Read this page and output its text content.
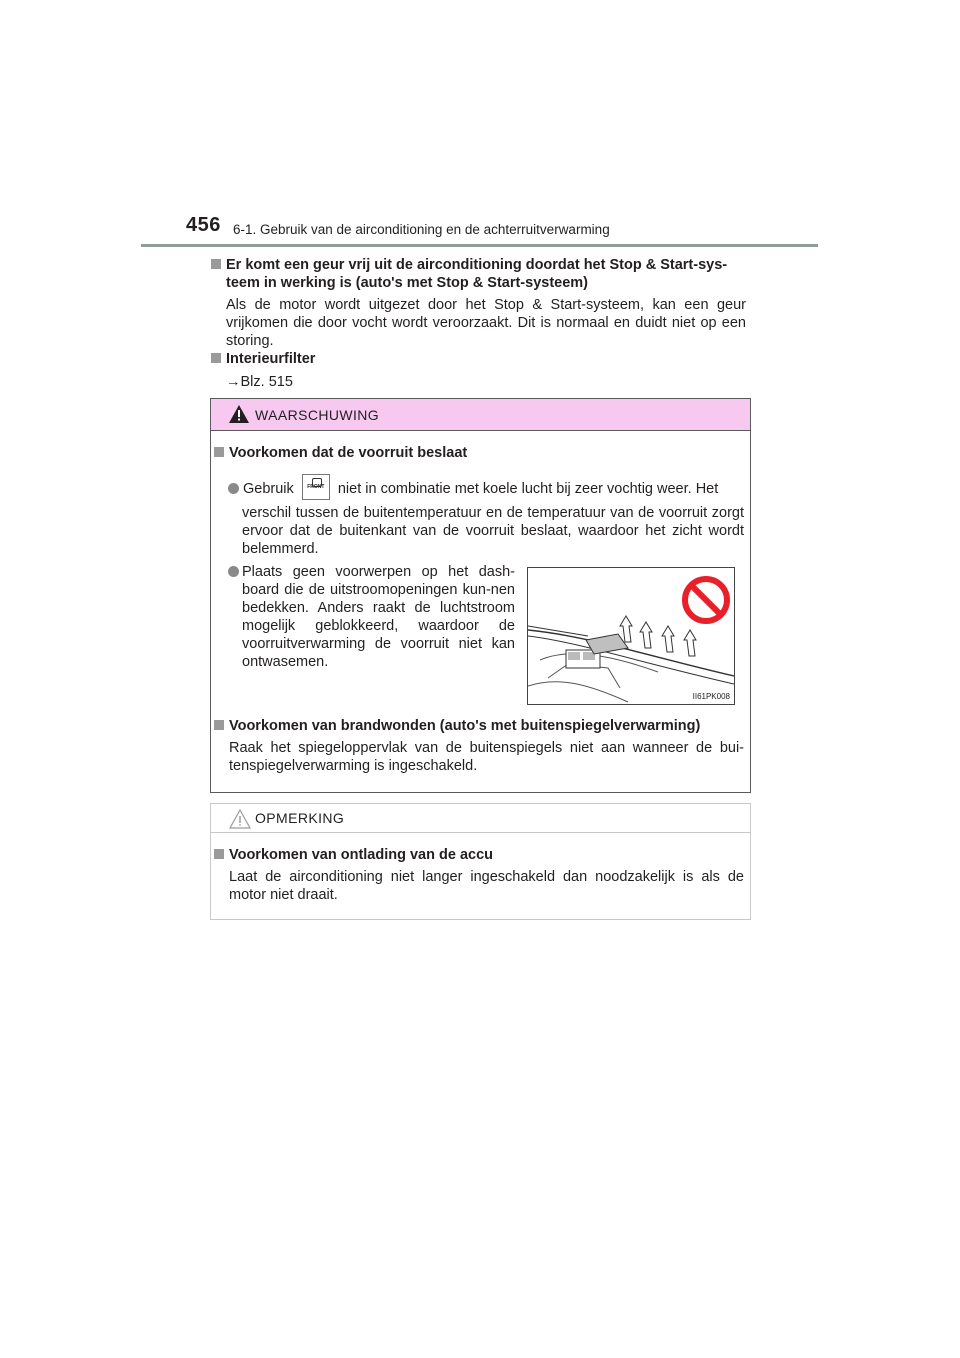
456 6-1. Gebruik van de airconditioning en de achterruitverwarming
Er komt een geur vrij uit de airconditioning doordat het Stop & Start-sys-
teem in werking is (auto's met Stop & Start-systeem)
Als de motor wordt uitgezet door het Stop & Start-systeem, kan een geur vrijkomen die door vocht wordt veroorzaakt. Dit is normaal en duidt niet op een storing.
Interieurfilter
→Blz. 515
WAARSCHUWING
Voorkomen dat de voorruit beslaat
Gebruik	FRONT niet in combinatie met koele lucht bij zeer vochtig weer. Het
verschil tussen de buitentemperatuur en de temperatuur van de voorruit zorgt ervoor dat de buitenkant van de voorruit beslaat, waardoor het zicht wordt belemmerd.
Plaats geen voorwerpen op het dash-board die de uitstroomopeningen kun-nen bedekken. Anders raakt de luchtstroom mogelijk geblokkeerd, waardoor de voorruitverwarming de voorruit niet kan ontwasemen.
II61PK008
Voorkomen van brandwonden (auto's met buitenspiegelverwarming)
Raak het spiegeloppervlak van de buitenspiegels niet aan wanneer de bui-tenspiegelverwarming is ingeschakeld.
OPMERKING
Voorkomen van ontlading van de accu
Laat de airconditioning niet langer ingeschakeld dan noodzakelijk is als de motor niet draait.
